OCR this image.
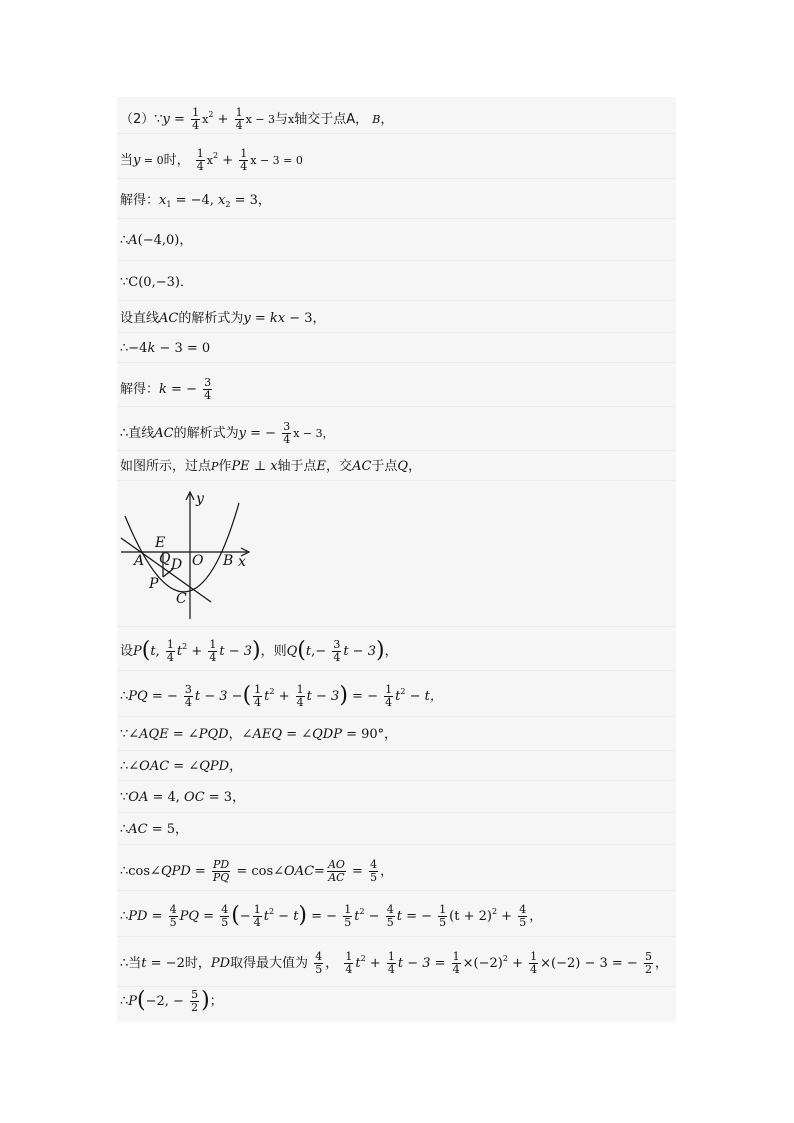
（2）∵y = $\frac{1}{4} x^2 + \frac{1}{4}$ x − 3与x轴交于点A， B，
当y = 0时， $\frac{1}{4} x^2 + \frac{1}{4}$ x − 3 = 0
解得：$x_1 = -4$, $x_2 = 3$，
∴A(−4,0)，
∵C(0,−3)．
设直线AC的解析式为y = kx − 3，
∴−4k − 3 = 0
解得：k = − $\frac{3}{4}$
∴直线AC的解析式为y = − $\frac{3}{4}$ x − 3，
如图所示，过点P作PE ⊥ x轴于点E，交AC于点Q，
y
x
E
A Q D O B
P
C
设P(t, $\frac{1}{4} t^2 + \frac{1}{4}$ t − 3)，则$Q(t,- \frac{3}{4}$ t − 3)，
∴PQ = − $\frac{3}{4}$ t − 3 −( $\frac{1}{4} t^2 + \frac{1}{4}$ t − 3) = − $\frac{1}{4} t^2 - t$，
∵∠AQE = ∠PQD，∠AEQ = ∠QDP = 90°，
∴∠OAC = ∠QPD，
∵OA = 4, OC = 3，
∴AC = 5，
∴cos∠QPD = $\frac{PD}{PQ}$ = cos∠OAC= $\frac{AO}{AC} = \frac{4}{5}$ ，
∴PD = $\frac{4}{5}$ PQ = $\frac{4}{5}$ (− $\frac{1}{4} t^2 - t$) = − $\frac{1}{5} t^2 - \frac{4}{5}$ t = − $\frac{1}{5} (t + 2)^2 + \frac{4}{5}$ ，
∴当t = −2时，PD取得最大值为 $\frac{4}{5}$ ， $\frac{1}{4} t^2 + \frac{1}{4}$ $t - 3 = \frac{1}{4} \times(-2)^2 + \frac{1}{4} \times(-2) - 3$ = − $\frac{5}{2}$ ，
∴P(−2, − $\frac{5}{2}$ )；
